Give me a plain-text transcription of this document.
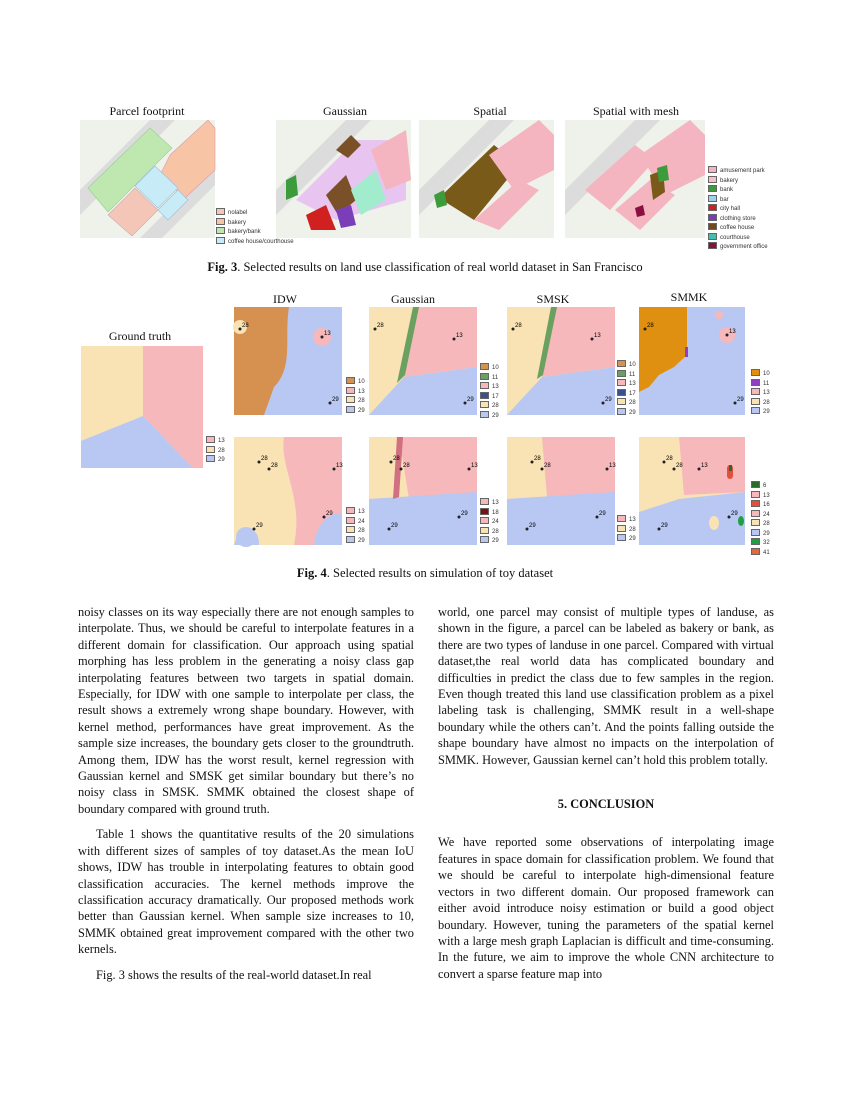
Parcel footprint	Gaussian	Spatial	Spatial with mesh
nolabel
bakery
bakery/bank
coffee house/courthouse
amusement park
bakery
bank
bar
city hall
clothing store
coffee house
courthouse
government office
Fig. 3. Selected results on land use classification of real world dataset in San Francisco
IDW	Gaussian	SMSK	SMMK
Ground truth
13
28
29
28
13
29
28
13
29
28
13
29
28
13
29
10
13
28
29
10
11
13
17
28
29
10
11
13
17
28
29
10
11
13
28
29
28
28	13
29
29
28
28	13
29
29
28
28	13
29
29
28
28	13
29
29
13
24
28
29
13
18
24
28
29
13
28
29
6
13
16
24
28
29
32
41
Fig. 4. Selected results on simulation of toy dataset

noisy classes on its way especially there are not enough samples to interpolate. Thus, we should be careful to interpolate features in a different domain for classification. Our approach using spatial morphing has less problem in the generating a noisy class gap interpolating features between two targets in spatial domain. Especially, for IDW with one sample to interpolate per class, the result shows a extremely wrong shape boundary. However, with kernel method, performances have great improvement. As the sample size increases, the boundary gets closer to the groundtruth. Among them, IDW has the worst result, kernel regression with Gaussian kernel and SMSK get similar boundary but there’s no noisy class in SMSK. SMMK obtained the closest shape of boundary compared with ground truth.

Table 1 shows the quantitative results of the 20 simulations with different sizes of samples of toy dataset.As the mean IoU shows, IDW has trouble in interpolating features to obtain good classification accuracies. The kernel methods improve the classification accuracy dramatically. Our proposed methods work better than Gaussian kernel. When sample size increases to 10, SMMK obtained great improvement compared with the other two kernels.

Fig. 3 shows the results of the real-world dataset.In real

world, one parcel may consist of multiple types of landuse, as shown in the figure, a parcel can be labeled as bakery or bank, as there are two types of landuse in one parcel. Compared with virtual dataset,the real world data has complicated boundary and difficulties in predict the class due to few samples in the region. Even though treated this land use classification problem as a pixel labeling task is challenging, SMMK result in a well-shape boundary while the others can’t. And the points falling outside the shape boundary have almost no impacts on the interpolation of SMMK. However, Gaussian kernel can’t hold this problem totally.

5. CONCLUSION

We have reported some observations of interpolating image features in space domain for classification problem. We found that we should be careful to interpolate high-dimensional feature vectors in two different domain. Our proposed framework can either avoid introduce noisy estimation or build a good object boundary. However, tuning the parameters of the spatial kernel with a large mesh graph Laplacian is difficult and time-consuming. In the future, we aim to improve the whole CNN architecture to convert a sparse feature map into
